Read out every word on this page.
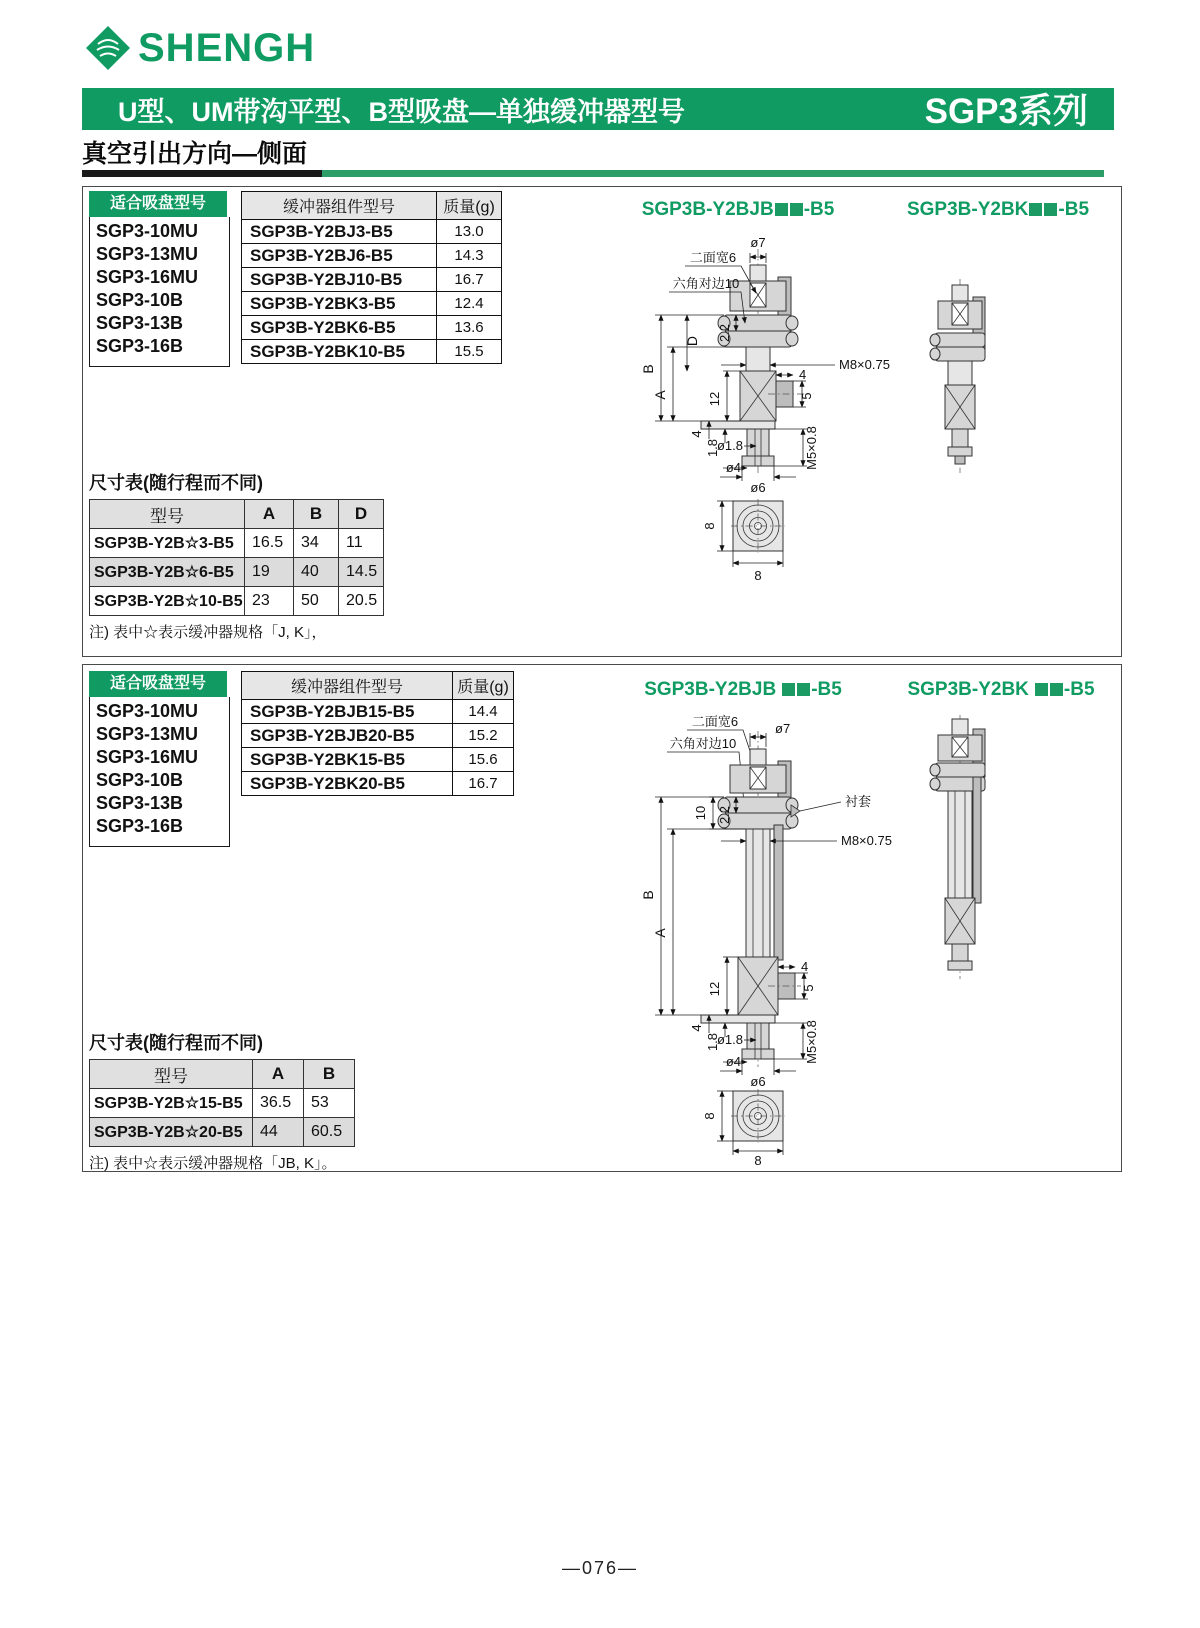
SHENGH
U型、UM带沟平型、B型吸盘—单独缓冲器型号	SGP3系列
真空引出方向—侧面
适合吸盘型号
SGP3-10MU
SGP3-13MU
SGP3-16MU
SGP3-10B
SGP3-13B
SGP3-16B
缓冲器组件型号	质量(g)
SGP3B-Y2BJ3-B5	13.0
SGP3B-Y2BJ6-B5	14.3
SGP3B-Y2BJ10-B5	16.7
SGP3B-Y2BK3-B5	12.4
SGP3B-Y2BK6-B5	13.6
SGP3B-Y2BK10-B5	15.5
SGP3B-Y2BJB -B5	SGP3B-Y2BK -B5
ø7
二面宽6
六角对边10
2.2
M8×0.75
4
12	5
B
D
A
4
1.8
ø1.8
ø4
ø6
M5×0.8
8
8
尺寸表(随行程而不同)
型号	A	B	D
SGP3B-Y2B☆3-B5	16.5	34	11
SGP3B-Y2B☆6-B5	19	40	14.5
SGP3B-Y2B☆10-B5	23	50	20.5
注) 表中☆表示缓冲器规格「J, K」，
适合吸盘型号
SGP3-10MU
SGP3-13MU
SGP3-16MU
SGP3-10B
SGP3-13B
SGP3-16B
缓冲器组件型号	质量(g)
SGP3B-Y2BJB15-B5	14.4
SGP3B-Y2BJB20-B5	15.2
SGP3B-Y2BK15-B5	15.6
SGP3B-Y2BK20-B5	16.7
SGP3B-Y2BJB -B5	SGP3B-Y2BK -B5
二面宽6
六角对边10
ø7
10 2.2
衬套
M8×0.75
B
A
12
4
5
4
1.8
ø1.8
ø4
ø6
M5×0.8
8
8
尺寸表(随行程而不同)
型号	A	B
SGP3B-Y2B☆15-B5	36.5	53
SGP3B-Y2B☆20-B5	44	60.5
注) 表中☆表示缓冲器规格「JB, K」。
—076—
